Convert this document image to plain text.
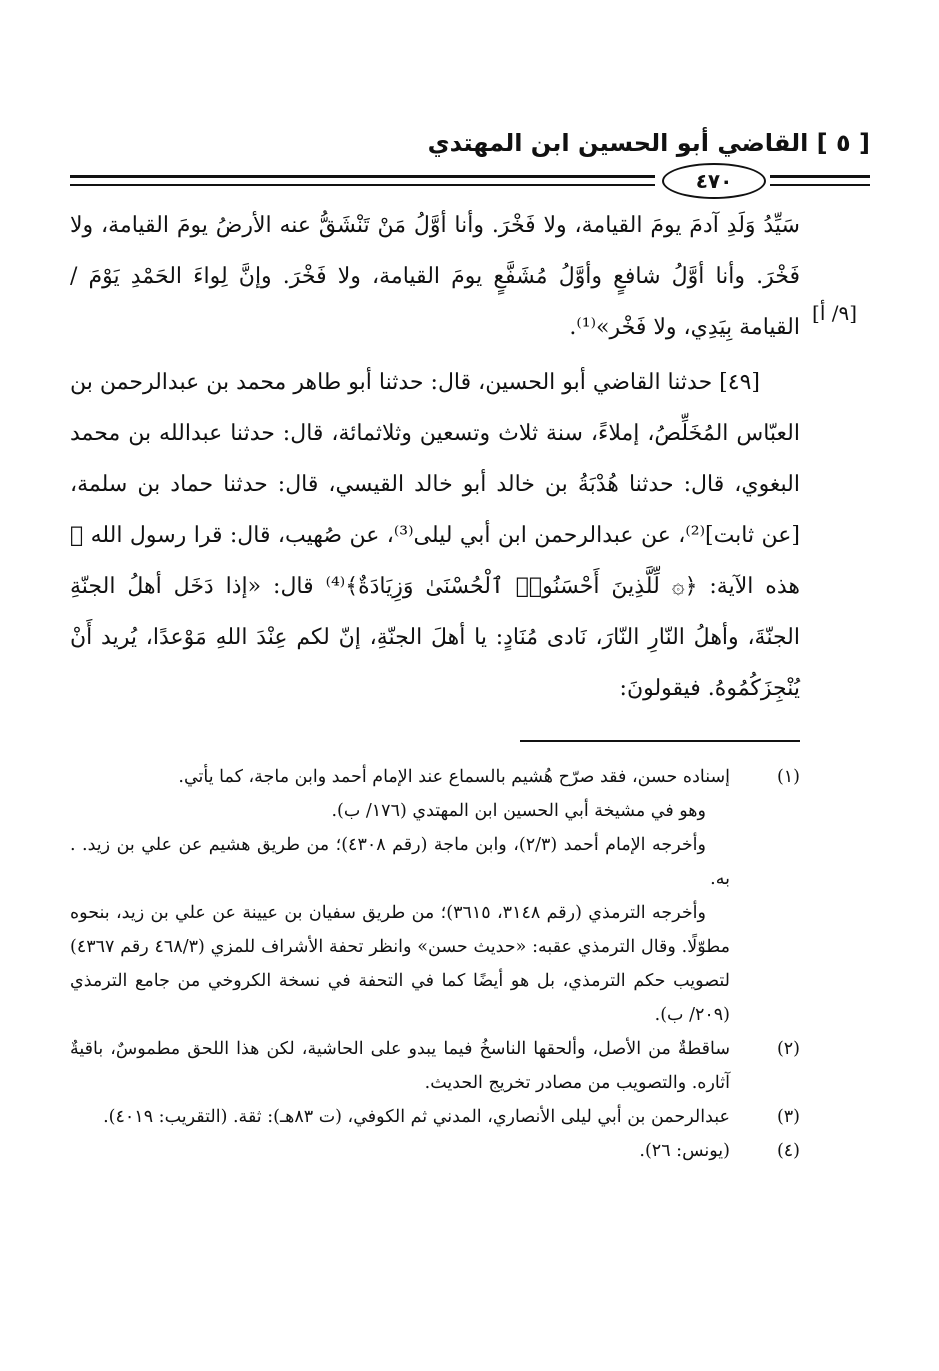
[ ٥ ] القاضي أبو الحسين ابن المهتدي
٤٧٠
[٩/ أ]

سَيِّدُ وَلَدِ آدمَ يومَ القيامة، ولا فَخْرَ. وأنا أوَّلُ مَنْ تَنْشَقُّ عنه الأرضُ يومَ القيامة، ولا فَخْرَ. وأنا أوَّلُ شافعٍ وأوَّلُ مُشَفَّعٍ يومَ القيامة، ولا فَخْرَ. وإنَّ لِواءَ الحَمْدِ يَوْمَ / القيامة بِيَدِي، ولا فَخْر»⁽¹⁾.

[٤٩] حدثنا القاضي أبو الحسين، قال: حدثنا أبو طاهر محمد بن عبدالرحمن بن العبّاس المُخَلِّصُ، إملاءً، سنة ثلاث وتسعين وثلاثمائة، قال: حدثنا عبدالله بن محمد البغوي، قال: حدثنا هُدْبَةُ بن خالد أبو خالد القيسي، قال: حدثنا حماد بن سلمة، [عن ثابت]⁽²⁾، عن عبدالرحمن ابن أبي ليلى⁽³⁾، عن صُهيب، قال: قرا رسول الله ﷺ هذه الآية: ﴿۞ لِّلَّذِينَ أَحْسَنُوا۟ ٱلْحُسْنَىٰ وَزِيَادَةٌ﴾⁽⁴⁾ قال: «إذا دَخَل أهلُ الجنّةِ الجنّةَ، وأهلُ النّارِ النّارَ، نَادى مُنَادٍ: يا أهلَ الجنّةِ، إنّ لكم عِنْدَ اللهِ مَوْعدًا، يُريد أَنْ يُنْجِزَكُمُوهُ. فيقولونَ:

(١)
إسناده حسن، فقد صرّح هُشيم بالسماع عند الإمام أحمد وابن ماجة، كما يأتي.
وهو في مشيخة أبي الحسين ابن المهتدي (١٧٦/ ب).
وأخرجه الإمام أحمد (٢/٣)، وابن ماجة (رقم ٤٣٠٨)؛ من طريق هشيم عن علي بن زيد. . به.
وأخرجه الترمذي (رقم ٣١٤٨، ٣٦١٥)؛ من طريق سفيان بن عيينة عن علي بن زيد، بنحوه مطوّلًا. وقال الترمذي عقبه: «حديث حسن» وانظر تحفة الأشراف للمزي (٤٦٨/٣ رقم ٤٣٦٧) لتصويب حكم الترمذي، بل هو أيضًا كما في التحفة في نسخة الكروخي من جامع الترمذي (٢٠٩/ ب).
(٢)
ساقطةٌ من الأصل، وألحقها الناسخُ فيما يبدو على الحاشية، لكن هذا اللحق مطموسٌ، باقيةٌ آثاره. والتصويب من مصادر تخريج الحديث.
(٣)
عبدالرحمن بن أبي ليلى الأنصاري، المدني ثم الكوفي، (ت ٨٣هـ): ثقة. (التقريب: ٤٠١٩).
(٤)
(يونس: ٢٦).
